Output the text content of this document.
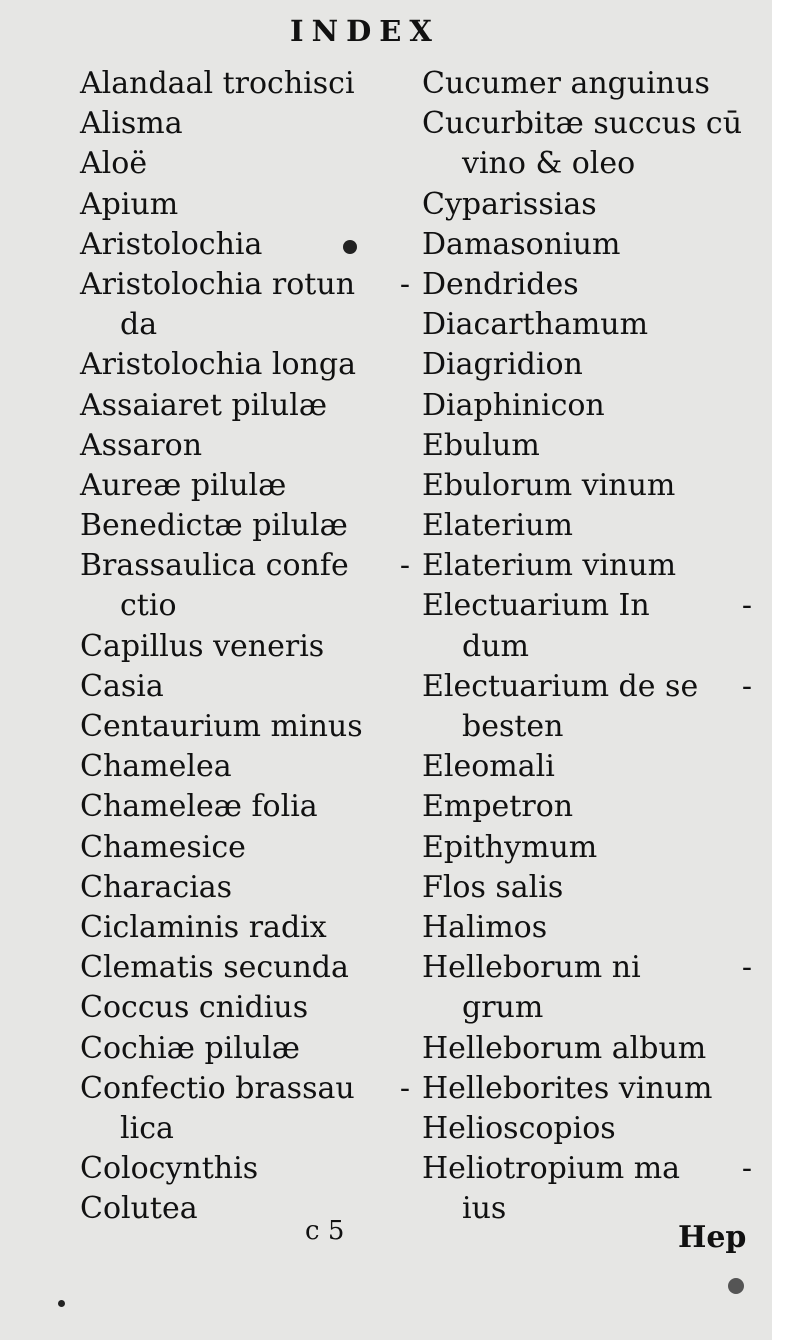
INDEX
Alandaal trochisci
Alisma
Aloë
Apium
Aristolochia
Aristolochia rotun -
da
Aristolochia longa
Assaiaret pilulæ
Assaron
Aureæ pilulæ
Benedictæ pilulæ
Brassaulica confe -
ctio
Capillus veneris
Casia
Centaurium minus
Chamelea
Chameleæ folia
Chamesice
Characias
Ciclaminis radix
Clematis secunda
Coccus cnidius
Cochiæ pilulæ
Confectio brassau -
lica
Colocynthis
Colutea
Cucumer anguinus
Cucurbitæ succus cū
vino & oleo
Cyparissias
Damasonium
Dendrides
Diacarthamum
Diagridion
Diaphinicon
Ebulum
Ebulorum vinum
Elaterium
Elaterium vinum
Electuarium In	-
dum
Electuarium de se -
besten
Eleomali
Empetron
Epithymum
Flos salis
Halimos
Helleborum ni	-
grum
Helleborum album
Helleborites vinum
Helioscopios
Heliotropium ma -
ius
c 5	Hep
